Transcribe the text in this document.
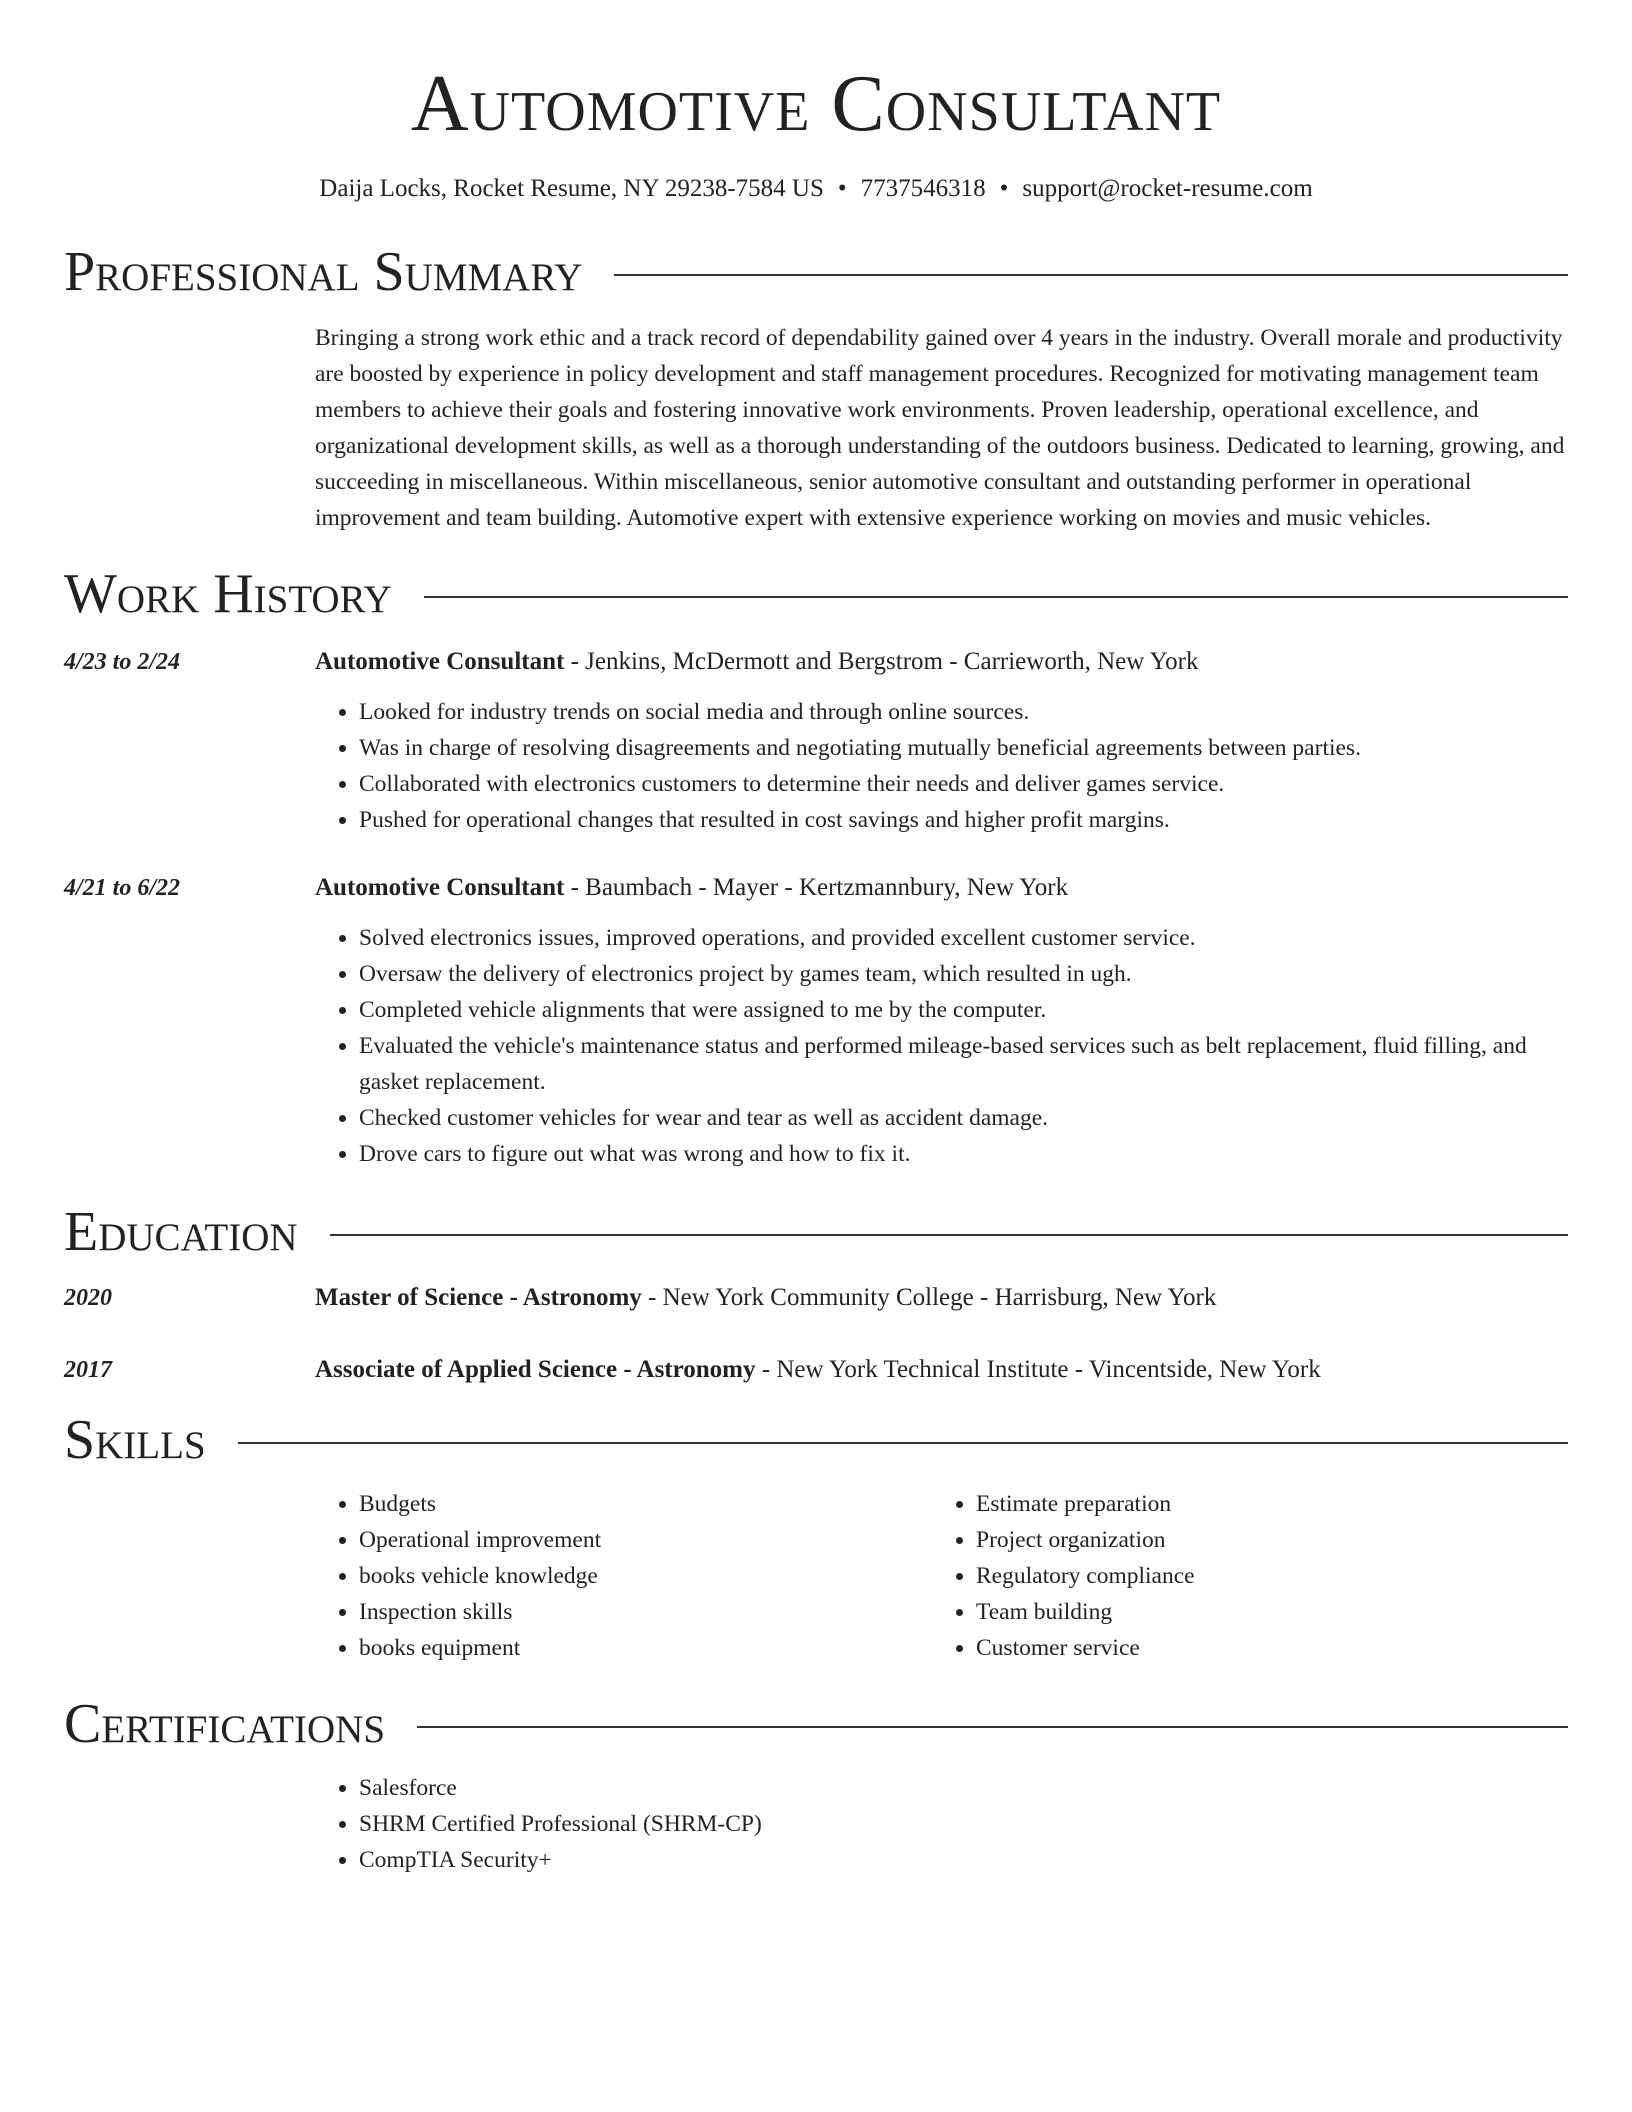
Automotive Consultant
Daija Locks, Rocket Resume, NY 29238-7584 US • 7737546318 • support@rocket-resume.com
Professional Summary
Bringing a strong work ethic and a track record of dependability gained over 4 years in the industry. Overall morale and productivity are boosted by experience in policy development and staff management procedures. Recognized for motivating management team members to achieve their goals and fostering innovative work environments. Proven leadership, operational excellence, and organizational development skills, as well as a thorough understanding of the outdoors business. Dedicated to learning, growing, and succeeding in miscellaneous. Within miscellaneous, senior automotive consultant and outstanding performer in operational improvement and team building. Automotive expert with extensive experience working on movies and music vehicles.
Work History
4/23 to 2/24	Automotive Consultant - Jenkins, McDermott and Bergstrom - Carrieworth, New York
• Looked for industry trends on social media and through online sources.
• Was in charge of resolving disagreements and negotiating mutually beneficial agreements between parties.
• Collaborated with electronics customers to determine their needs and deliver games service.
• Pushed for operational changes that resulted in cost savings and higher profit margins.
4/21 to 6/22	Automotive Consultant - Baumbach - Mayer - Kertzmannbury, New York
• Solved electronics issues, improved operations, and provided excellent customer service.
• Oversaw the delivery of electronics project by games team, which resulted in ugh.
• Completed vehicle alignments that were assigned to me by the computer.
• Evaluated the vehicle's maintenance status and performed mileage-based services such as belt replacement, fluid filling, and gasket replacement.
• Checked customer vehicles for wear and tear as well as accident damage.
• Drove cars to figure out what was wrong and how to fix it.
Education
2020	Master of Science - Astronomy - New York Community College - Harrisburg, New York
2017	Associate of Applied Science - Astronomy - New York Technical Institute - Vincentside, New York
Skills
• Budgets
• Operational improvement
• books vehicle knowledge
• Inspection skills
• books equipment
• Estimate preparation
• Project organization
• Regulatory compliance
• Team building
• Customer service
Certifications
• Salesforce
• SHRM Certified Professional (SHRM-CP)
• CompTIA Security+
